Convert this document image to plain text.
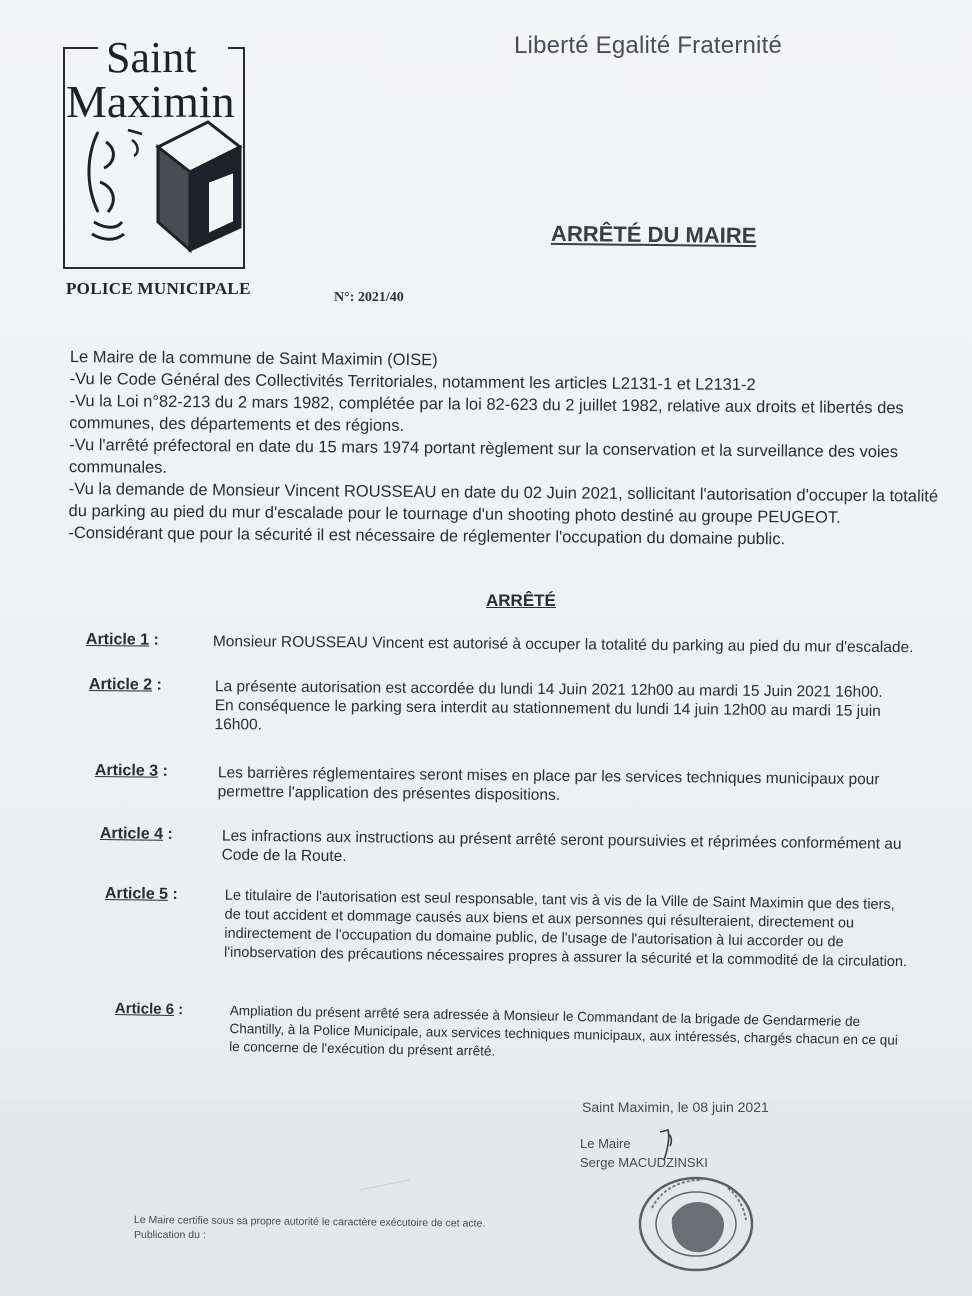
Saint
Maximin
Liberté Egalité Fraternité
ARRÊTÉ DU MAIRE
POLICE MUNICIPALE	N°: 2021/40

Le Maire de la commune de Saint Maximin (OISE)

-Vu le Code Général des Collectivités Territoriales, notamment les articles L2131-1 et L2131-2

-Vu la Loi n°82-213 du 2 mars 1982, complétée par la loi 82-623 du 2 juillet 1982, relative aux droits et libertés des communes, des départements et des régions.

-Vu l'arrêté préfectoral en date du 15 mars 1974 portant règlement sur la conservation et la surveillance des voies communales.

-Vu la demande de Monsieur Vincent ROUSSEAU en date du 02 Juin 2021, sollicitant l'autorisation d'occuper la totalité du parking au pied du mur d'escalade pour le tournage d'un shooting photo destiné au groupe PEUGEOT.

-Considérant que pour la sécurité il est nécessaire de réglementer l'occupation du domaine public.

ARRÊTÉ
Article 1 :	Monsieur ROUSSEAU Vincent est autorisé à occuper la totalité du parking au pied du mur d'escalade.
Article 2 :	La présente autorisation est accordée du lundi 14 Juin 2021 12h00 au mardi 15 Juin 2021 16h00.

En conséquence le parking sera interdit au stationnement du lundi 14 juin 12h00 au mardi 15 juin 16h00.

Article 3 :	Les barrières réglementaires seront mises en place par les services techniques municipaux pour permettre l'application des présentes dispositions.
Article 4 :	Les infractions aux instructions au présent arrêté seront poursuivies et réprimées conformément au Code de la Route.
Article 5 :	Le titulaire de l'autorisation est seul responsable, tant vis à vis de la Ville de Saint Maximin que des tiers, de tout accident et dommage causés aux biens et aux personnes qui résulteraient, directement ou indirectement de l'occupation du domaine public, de l'usage de l'autorisation à lui accorder ou de l'inobservation des précautions nécessaires propres à assurer la sécurité et la commodité de la circulation.
Article 6 :	Ampliation du présent arrêté sera adressée à Monsieur le Commandant de la brigade de Gendarmerie de Chantilly, à la Police Municipale, aux services techniques municipaux, aux intéressés, chargés chacun en ce qui le concerne de l'exécution du présent arrêté.
Saint Maximin, le 08 juin 2021
Le Maire
Serge MACUDZINSKI
Le Maire certifie sous sa propre autorité le caractère exécutoire de cet acte.
Publication du :
